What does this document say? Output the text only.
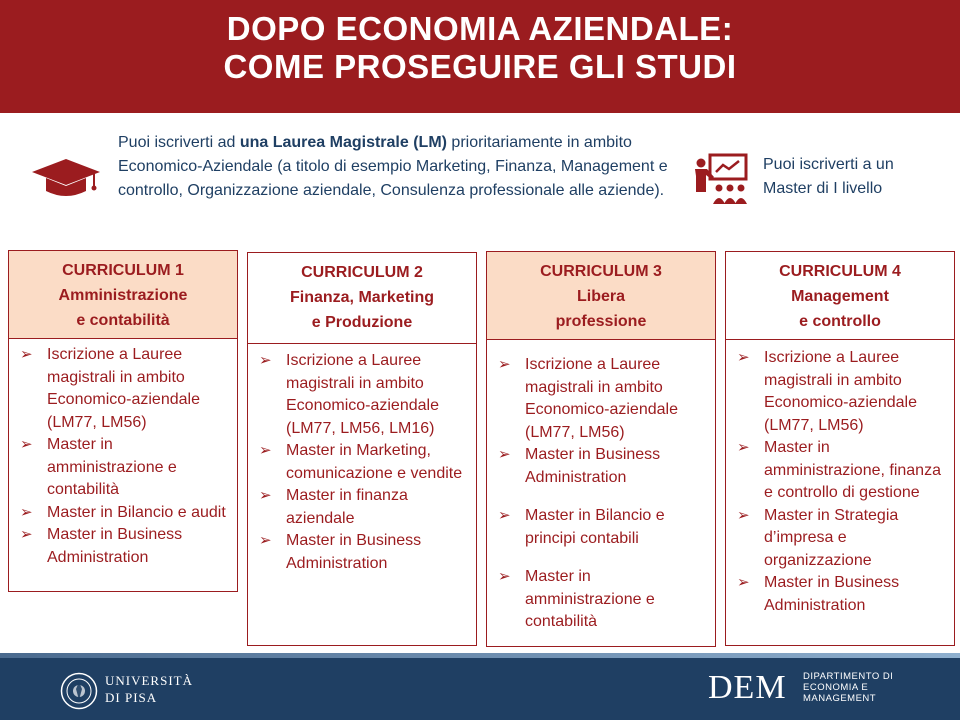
DOPO ECONOMIA AZIENDALE:
COME PROSEGUIRE GLI STUDI
Puoi iscriverti ad una Laurea Magistrale (LM) prioritariamente in ambito Economico-Aziendale (a titolo di esempio Marketing, Finanza, Management e controllo, Organizzazione aziendale, Consulenza professionale alle aziende).
Puoi iscriverti a un Master di I livello
CURRICULUM 1
Amministrazione
e contabilità
➢ Iscrizione a Lauree magistrali in ambito Economico-aziendale (LM77, LM56)
➢ Master in amministrazione e contabilità
➢ Master in Bilancio e audit
➢ Master in Business Administration
CURRICULUM 2
Finanza, Marketing
e Produzione
➢ Iscrizione a Lauree magistrali in ambito Economico-aziendale (LM77, LM56, LM16)
➢ Master in Marketing, comunicazione e vendite
➢ Master in finanza aziendale
➢ Master in Business Administration
CURRICULUM 3
Libera
professione
➢ Iscrizione a Lauree magistrali in ambito Economico-aziendale (LM77, LM56)
➢ Master in Business Administration
➢ Master in Bilancio e principi contabili
➢ Master in amministrazione e contabilità
CURRICULUM 4
Management
e controllo
➢ Iscrizione a Lauree magistrali in ambito Economico-aziendale (LM77, LM56)
➢ Master in amministrazione, finanza e controllo di gestione
➢ Master in Strategia d’impresa e organizzazione
➢ Master in Business Administration
UNIVERSITÀ
DI PISA	DEM DIPARTIMENTO DI
ECONOMIA E
MANAGEMENT
